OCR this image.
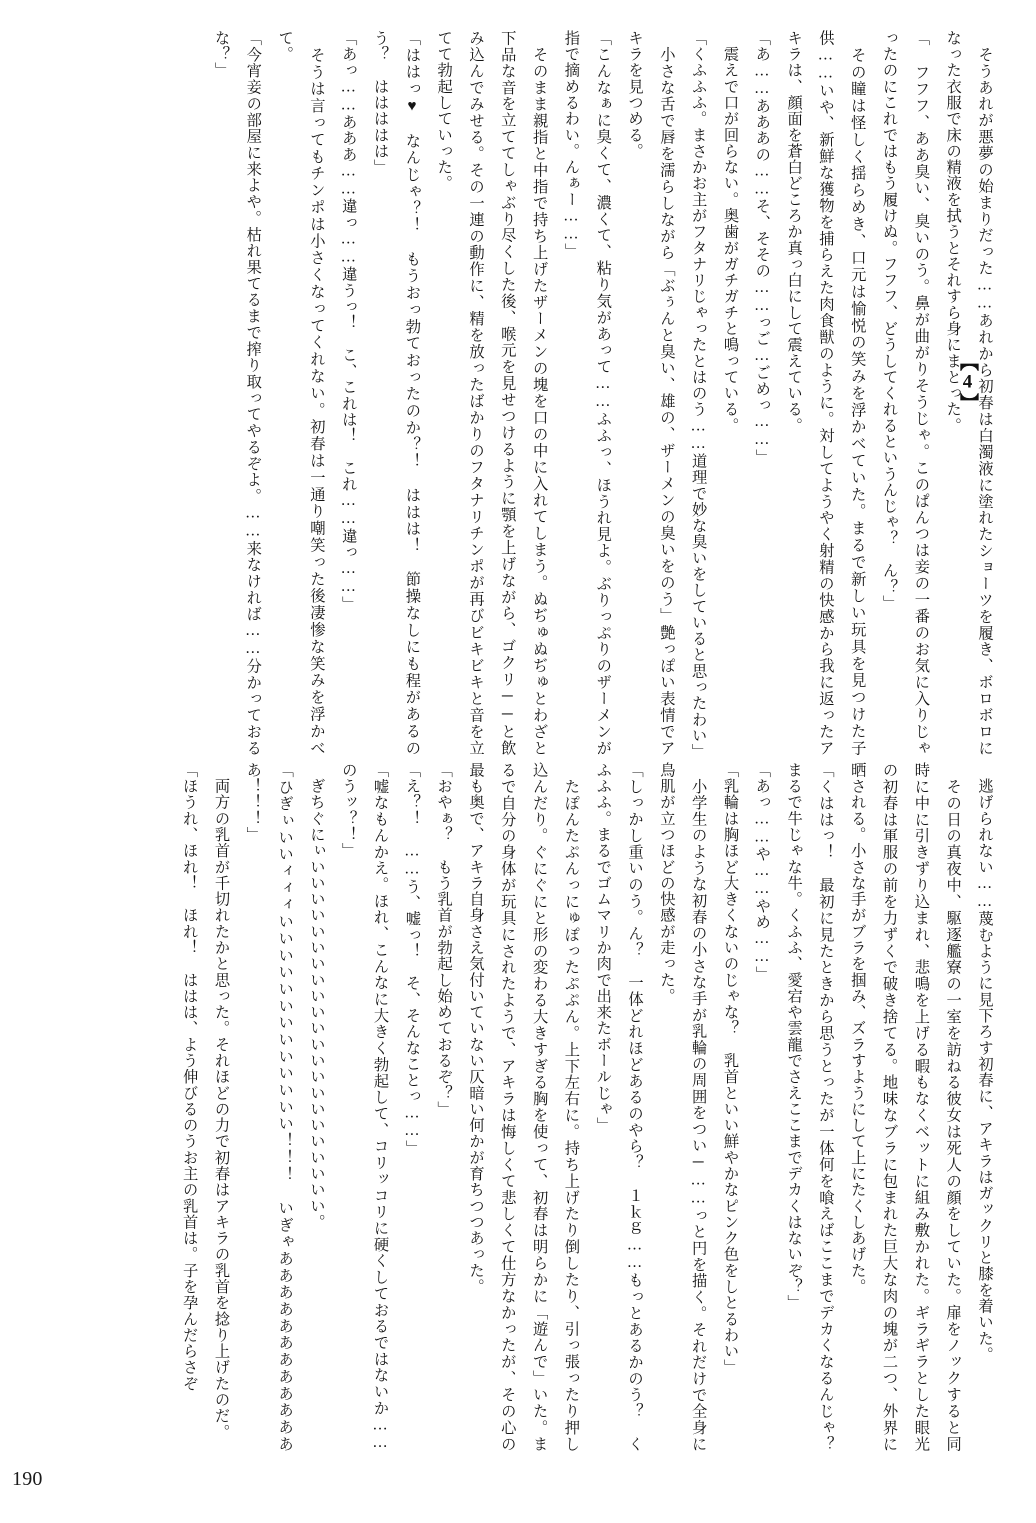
　そうあれが悪夢の始まりだった……あれから初春は白濁液に塗れたショーツを履き、ボロボロになった衣服で床の精液を拭うとそれすら身にまとった。

「 フフフ、ああ臭い、臭いのう。鼻が曲がりそうじゃ。このぱんつは妾の一番のお気に入りじゃったのにこれではもう履けぬ。フフフ、どうしてくれるというんじゃ？　ん？」

　その瞳は怪しく揺らめき、口元は愉悦の笑みを浮かべていた。まるで新しい玩具を見つけた子供……いや、新鮮な獲物を捕らえた肉食獣のように。対してようやく射精の快感から我に返ったアキラは、顔面を蒼白どころか真っ白にして震えている。

「あ……あああの……そ、そその……っご…ごめっ……」

　震えで口が回らない。奥歯がガチガチと鳴っている。

「くふふふ。まさかお主がフタナリじゃったとはのう……道理で妙な臭いをしていると思ったわい」

　小さな舌で唇を濡らしながら「ぶぅんと臭い、雄の、ザーメンの臭いをのう」艶っぽい表情でアキラを見つめる。

「こんなぁに臭くて、濃くて、粘り気があって……ふふっ、ほうれ見よ。ぶりっぷりのザーメンが指で摘めるわい。んぁー……」

　そのまま親指と中指で持ち上げたザーメンの塊を口の中に入れてしまう。ぬぢゅぬぢゅとわざと下品な音を立ててしゃぶり尽くした後、喉元を見せつけるように顎を上げながら、ゴクリ──と飲み込んでみせる。その一連の動作に、精を放ったばかりのフタナリチンポが再びビキビキと音を立てて勃起していった。

「ははっ♥　なんじゃ？！　もうおっ勃ておったのか？！　ははは！　節操なしにも程があるのう？　ははははは」

「あっ……あああ……違っ……違うっ！　こ、これは！　これ……違っ……」

　そうは言ってもチンポは小さくなってくれない。初春は一通り嘲笑った後凄惨な笑みを浮かべて。

「今宵妾の部屋に来よや。枯れ果てるまで搾り取ってやるぞよ。……来なければ……分かっておるな？」

【4】

　逃げられない……蔑むように見下ろす初春に、アキラはガックリと膝を着いた。

　その日の真夜中、駆逐艦寮の一室を訪ねる彼女は死人の顔をしていた。扉をノックすると同時に中に引きずり込まれ、悲鳴を上げる暇もなくベットに組み敷かれた。ギラギラとした眼光の初春は軍服の前を力ずくで破き捨てる。地味なブラに包まれた巨大な肉の塊が二つ、外界に晒される。小さな手がブラを掴み、ズラすようにして上にたくしあげた。

「くははっ！　最初に見たときから思うとったが一体何を喰えばここまでデカくなるんじゃ？　まるで牛じゃな牛。くふふ、愛宕や雲龍でさえここまでデカくはないぞ？」

「あっ……や……やめ……」

「乳輪は胸ほど大きくないのじゃな？　乳首といい鮮やかなピンク色をしとるわい」

　小学生のような初春の小さな手が乳輪の周囲をつい─……っと円を描く。それだけで全身に鳥肌が立つほどの快感が走った。

「しっかし重いのう。ん？　一体どれほどあるのやら？　１ｋｇ……もっとあるかのう？　くふふふ。まるでゴムマリか肉で出来たボールじゃ」

　たぽんたぷんっにゅぽったぷぷん。上下左右に。持ち上げたり倒したり、引っ張ったり押し込んだり。ぐにぐにと形の変わる大きすぎる胸を使って、初春は明らかに「遊んで」いた。まるで自分の身体が玩具にされたようで、アキラは悔しくて悲しくて仕方なかったが、その心の最も奥で、アキラ自身さえ気付いていない仄暗い何かが育ちつつあった。

「おやぁ？　もう乳首が勃起し始めておるぞ？」

「え？！　……う、嘘っ！　そ、そんなことっ……」

「嘘なもんかえ。ほれ、こんなに大きく勃起して、コリッコリに硬くしておるではないか……のうッ？！」

　ぎちぐにぃいいいいいいいいいいいいいいいいいいいいいい。

「ひぎぃいいィィィいいいいいいいいいいいいい！！！　いぎゃあああああああああああああ！！！」

　両方の乳首が千切れたかと思った。それほどの力で初春はアキラの乳首を捻り上げたのだ。

「ほうれ、ほれ！　ほれ！　ははは、よう伸びるのうお主の乳首は。子を孕んだらさぞ

190
